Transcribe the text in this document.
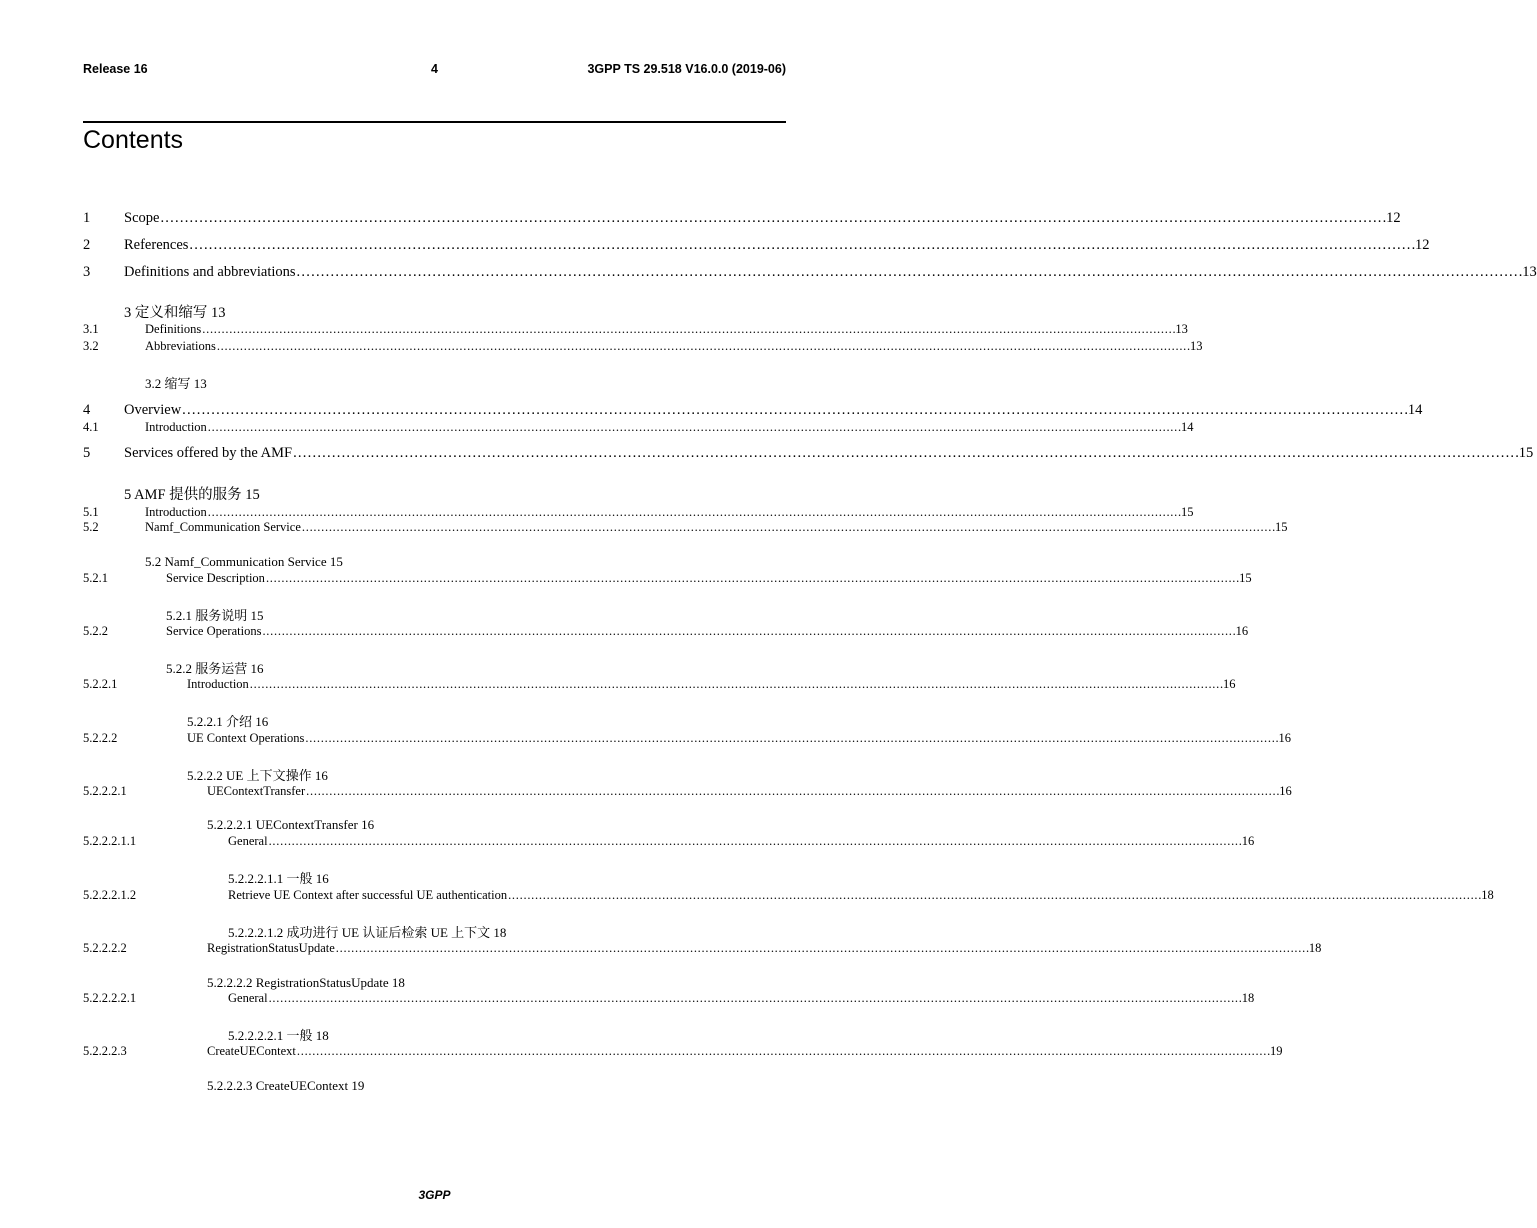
Release 16	4	3GPP TS 29.518 V16.0.0 (2019-06)
Contents
1 Scope . . .	12
2 References . . .	12
3 Definitions and abbreviations . . .	13
3 定义和缩写 13
3.1	Definitions . . .	13
3.2	Abbreviations . . .	13
3.2 缩写 13
4 Overview . . .	14
4.1	Introduction . . .	14
5 Services offered by the AMF . . .	15
5 AMF 提供的服务 15
5.1	Introduction . . .	15
5.2	Namf_Communication Service . . .	15
5.2 Namf_Communication Service 15
5.2.1	Service Description . . .	15
5.2.1 服务说明 15
5.2.2	Service Operations . . .	16
5.2.2 服务运营 16
5.2.2.1	Introduction . . .	16
5.2.2.1 介绍 16
5.2.2.2	UE Context Operations . . .	16
5.2.2.2 UE 上下文操作 16
5.2.2.2.1	UEContextTransfer . . .	16
5.2.2.2.1 UEContextTransfer 16
5.2.2.2.1.1	General . . .	16
5.2.2.2.1.1 一般 16
5.2.2.2.1.2	Retrieve UE Context after successful UE authentication . . .	18
5.2.2.2.1.2 成功进行 UE 认证后检索 UE 上下文 18
5.2.2.2.2	RegistrationStatusUpdate . . .	18
5.2.2.2.2 RegistrationStatusUpdate 18
5.2.2.2.2.1	General . . .	18
5.2.2.2.2.1 一般 18
5.2.2.2.3	CreateUEContext . . .	19
5.2.2.2.3 CreateUEContext 19
3GPP
